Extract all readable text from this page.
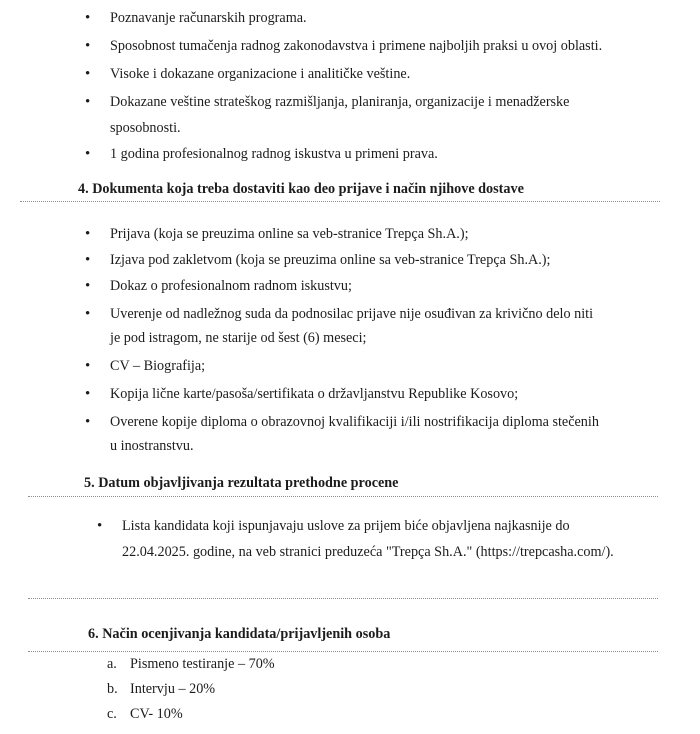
• Poznavanje računarskih programa.
• Sposobnost tumačenja radnog zakonodavstva i primene najboljih praksi u ovoj oblasti.
• Visoke i dokazane organizacione i analitičke veštine.
• Dokazane veštine strateškog razmišljanja, planiranja, organizacije i menadžerske
sposobnosti.
• 1 godina profesionalnog radnog iskustva u primeni prava.
4. Dokumenta koja treba dostaviti kao deo prijave i način njihove dostave
• Prijava (koja se preuzima online sa veb-stranice Trepça Sh.A.);
• Izjava pod zakletvom (koja se preuzima online sa veb-stranice Trepça Sh.A.);
• Dokaz o profesionalnom radnom iskustvu;
• Uverenje od nadležnog suda da podnosilac prijave nije osuđivan za krivično delo niti
je pod istragom, ne starije od šest (6) meseci;
• CV – Biografija;
• Kopija lične karte/pasoša/sertifikata o državljanstvu Republike Kosovo;
• Overene kopije diploma o obrazovnoj kvalifikaciji i/ili nostrifikacija diploma stečenih
u inostranstvu.
5. Datum objavljivanja rezultata prethodne procene
• Lista kandidata koji ispunjavaju uslove za prijem biće objavljena najkasnije do
22.04.2025. godine, na veb stranici preduzeća "Trepça Sh.A." (https://trepcasha.com/).
6. Način ocenjivanja kandidata/prijavljenih osoba
a. Pismeno testiranje – 70%
b. Intervju – 20%
c. CV- 10%
